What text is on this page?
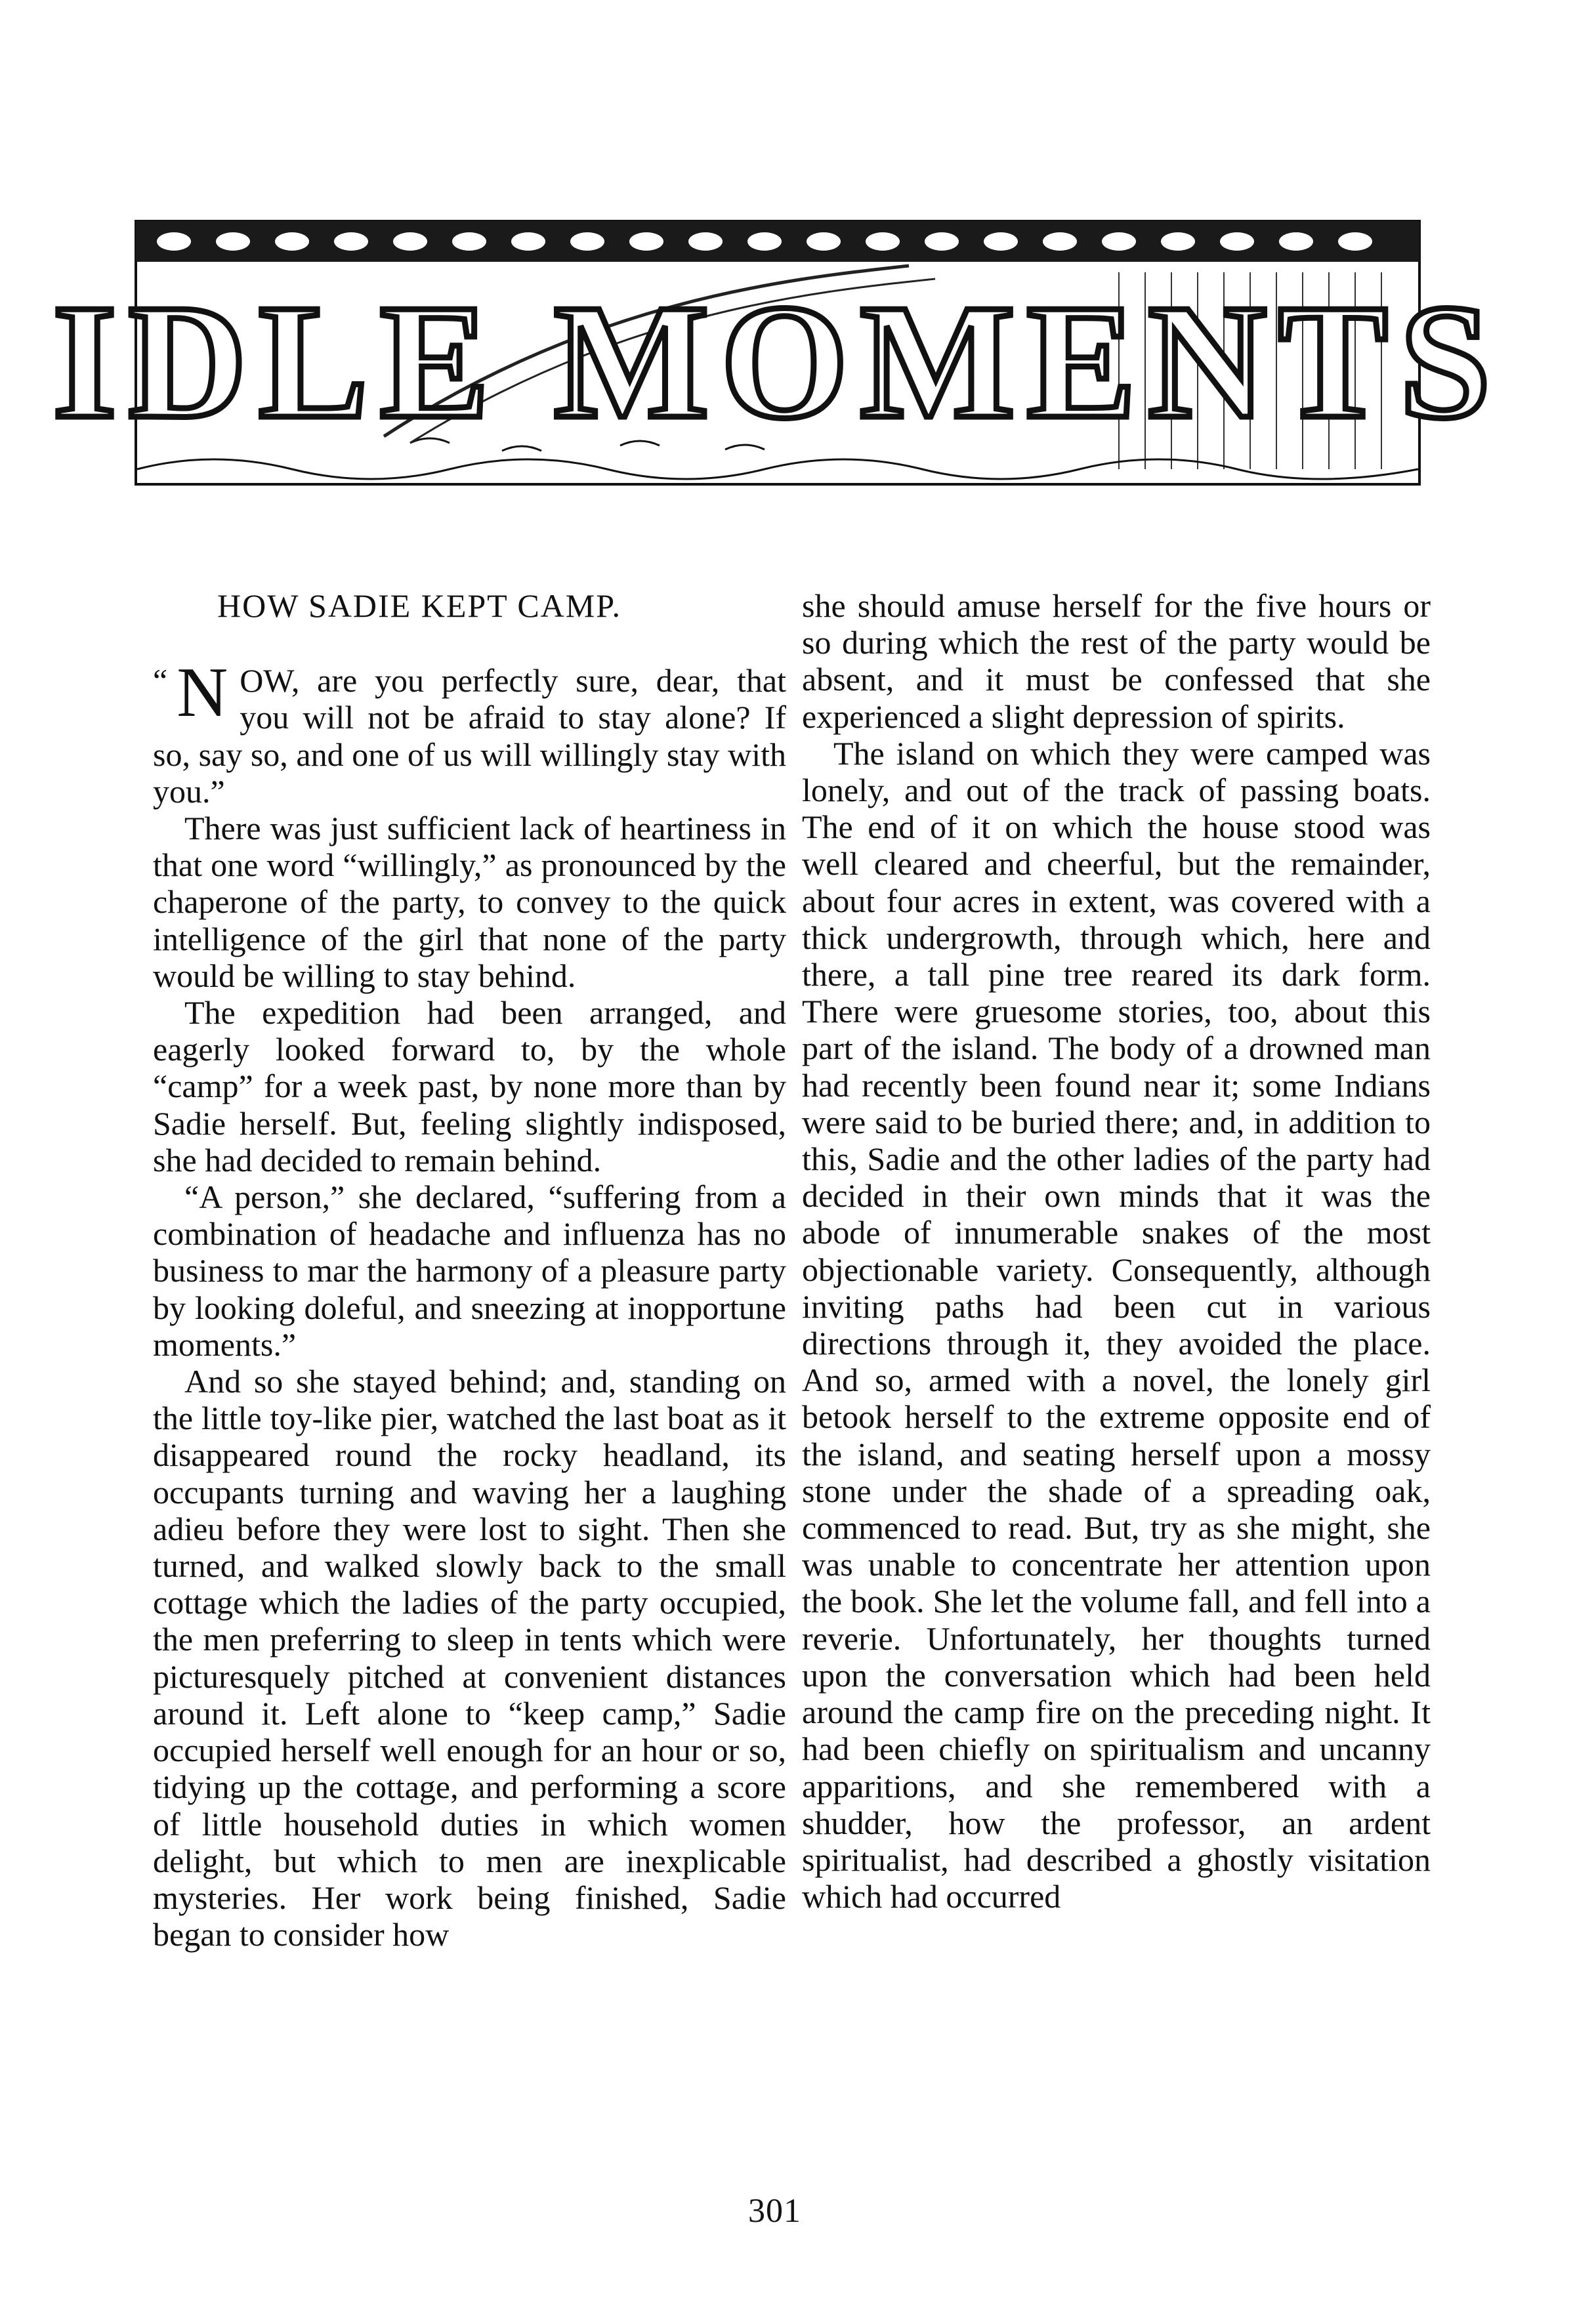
IDLE MOMENTS

HOW SADIE KEPT CAMP.

“ N OW, are you perfectly sure, dear, that you will not be afraid to stay alone? If so, say so, and one of us will willingly stay with you.”

There was just sufficient lack of heartiness in that one word “willingly,” as pronounced by the chaperone of the party, to convey to the quick intelligence of the girl that none of the party would be willing to stay behind.

The expedition had been arranged, and eagerly looked forward to, by the whole “camp” for a week past, by none more than by Sadie herself. But, feeling slightly indisposed, she had decided to remain behind.

“A person,” she declared, “suffering from a combination of headache and influenza has no business to mar the harmony of a pleasure party by looking doleful, and sneezing at inopportune moments.”

And so she stayed behind; and, standing on the little toy-like pier, watched the last boat as it disappeared round the rocky headland, its occupants turning and waving her a laughing adieu before they were lost to sight. Then she turned, and walked slowly back to the small cottage which the ladies of the party occupied, the men preferring to sleep in tents which were picturesquely pitched at convenient distances around it. Left alone to “keep camp,” Sadie occupied herself well enough for an hour or so, tidying up the cottage, and performing a score of little household duties in which women delight, but which to men are inexplicable mysteries. Her work being finished, Sadie began to consider how

she should amuse herself for the five hours or so during which the rest of the party would be absent, and it must be confessed that she experienced a slight depression of spirits.

The island on which they were camped was lonely, and out of the track of passing boats. The end of it on which the house stood was well cleared and cheerful, but the remainder, about four acres in extent, was covered with a thick undergrowth, through which, here and there, a tall pine tree reared its dark form. There were gruesome stories, too, about this part of the island. The body of a drowned man had recently been found near it; some Indians were said to be buried there; and, in addition to this, Sadie and the other ladies of the party had decided in their own minds that it was the abode of innumerable snakes of the most objectionable variety. Consequently, although inviting paths had been cut in various directions through it, they avoided the place. And so, armed with a novel, the lonely girl betook herself to the extreme opposite end of the island, and seating herself upon a mossy stone under the shade of a spreading oak, commenced to read. But, try as she might, she was unable to concentrate her attention upon the book. She let the volume fall, and fell into a reverie. Unfortunately, her thoughts turned upon the conversation which had been held around the camp fire on the preceding night. It had been chiefly on spiritualism and uncanny apparitions, and she remembered with a shudder, how the professor, an ardent spiritualist, had described a ghostly visitation which had occurred

301
